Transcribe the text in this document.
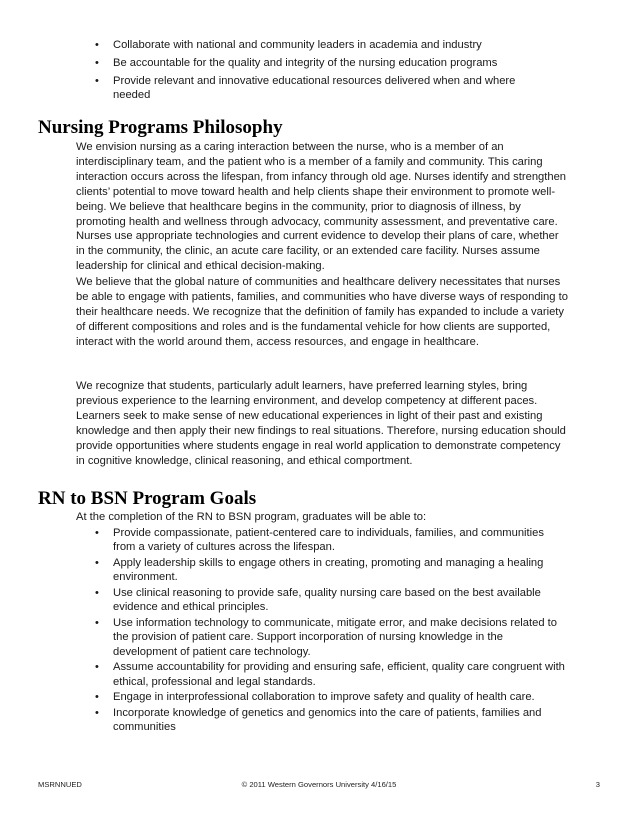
• Collaborate with national and community leaders in academia and industry
• Be accountable for the quality and integrity of the nursing education programs
• Provide relevant and innovative educational resources delivered when and where needed
Nursing Programs Philosophy

We envision nursing as a caring interaction between the nurse, who is a member of an interdisciplinary team, and the patient who is a member of a family and community. This caring interaction occurs across the lifespan, from infancy through old age. Nurses identify and strengthen clients’ potential to move toward health and help clients shape their environment to promote well-being. We believe that healthcare begins in the community, prior to diagnosis of illness, by promoting health and wellness through advocacy, community assessment, and preventative care. Nurses use appropriate technologies and current evidence to develop their plans of care, whether in the community, the clinic, an acute care facility, or an extended care facility. Nurses assume leadership for clinical and ethical decision-making.

We believe that the global nature of communities and healthcare delivery necessitates that nurses be able to engage with patients, families, and communities who have diverse ways of responding to their healthcare needs. We recognize that the definition of family has expanded to include a variety of different compositions and roles and is the fundamental vehicle for how clients are supported, interact with the world around them, access resources, and engage in healthcare.

We recognize that students, particularly adult learners, have preferred learning styles, bring previous experience to the learning environment, and develop competency at different paces. Learners seek to make sense of new educational experiences in light of their past and existing knowledge and then apply their new findings to real situations. Therefore, nursing education should provide opportunities where students engage in real world application to demonstrate competency in cognitive knowledge, clinical reasoning, and ethical comportment.

RN to BSN Program Goals

At the completion of the RN to BSN program, graduates will be able to:

• Provide compassionate, patient-centered care to individuals, families, and communities from a variety of cultures across the lifespan.
• Apply leadership skills to engage others in creating, promoting and managing a healing environment.
• Use clinical reasoning to provide safe, quality nursing care based on the best available evidence and ethical principles.
• Use information technology to communicate, mitigate error, and make decisions related to the provision of patient care. Support incorporation of nursing knowledge in the development of patient care technology.
• Assume accountability for providing and ensuring safe, efficient, quality care congruent with ethical, professional and legal standards.
• Engage in interprofessional collaboration to improve safety and quality of health care.
• Incorporate knowledge of genetics and genomics into the care of patients, families and communities
MSRNNUED	© 2011 Western Governors University 4/16/15	3
